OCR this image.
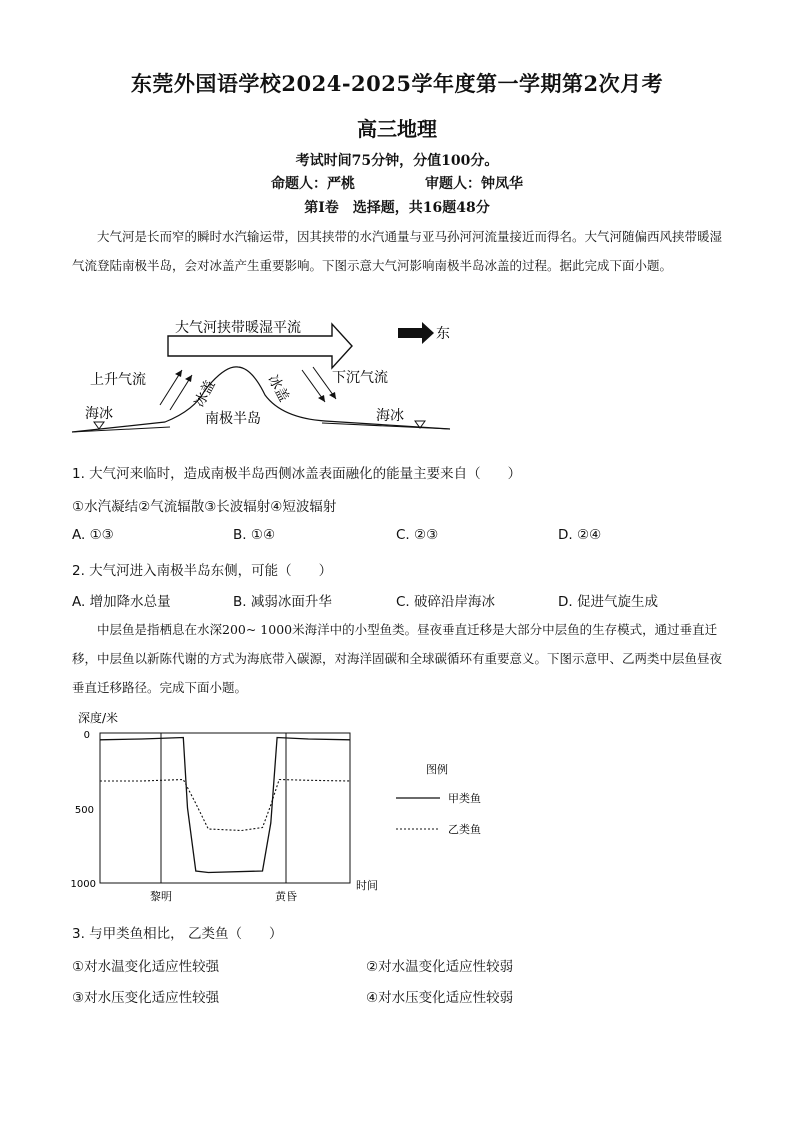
东莞外国语学校2024-2025学年度第一学期第2次月考
高三地理
考试时间75分钟，分值100分。
命题人：严桃	审题人：钟凤华
第Ⅰ卷　选择题，共16题48分
大气河是长而窄的瞬时水汽输运带，因其挟带的水汽通量与亚马孙河河流量接近而得名。大气河随偏西风挟带暖湿气流登陆南极半岛，会对冰盖产生重要影响。下图示意大气河影响南极半岛冰盖的过程。据此完成下面小题。
大气河挟带暖湿平流	东
上升气流	下沉气流
冰盖	冰盖
海冰	海冰
南极半岛
1. 大气河来临时，造成南极半岛西侧冰盖表面融化的能量主要来自（　　）
①水汽凝结②气流辐散③长波辐射④短波辐射
A. ①③	B. ①④	C. ②③	D. ②④
2. 大气河进入南极半岛东侧，可能（　　）
A. 增加降水总量	B. 减弱冰面升华	C. 破碎沿岸海冰	D. 促进气旋生成
中层鱼是指栖息在水深200~ 1000米海洋中的小型鱼类。昼夜垂直迁移是大部分中层鱼的生存模式，通过垂直迁移，中层鱼以新陈代谢的方式为海底带入碳源，对海洋固碳和全球碳循环有重要意义。下图示意甲、乙两类中层鱼昼夜垂直迁移路径。完成下面小题。
深度/米
0
500
1000
黎明	黄昏
时间
图例
甲类鱼
乙类鱼
3. 与甲类鱼相比， 乙类鱼（　　）
①对水温变化适应性较强	②对水温变化适应性较弱
③对水压变化适应性较强	④对水压变化适应性较弱
